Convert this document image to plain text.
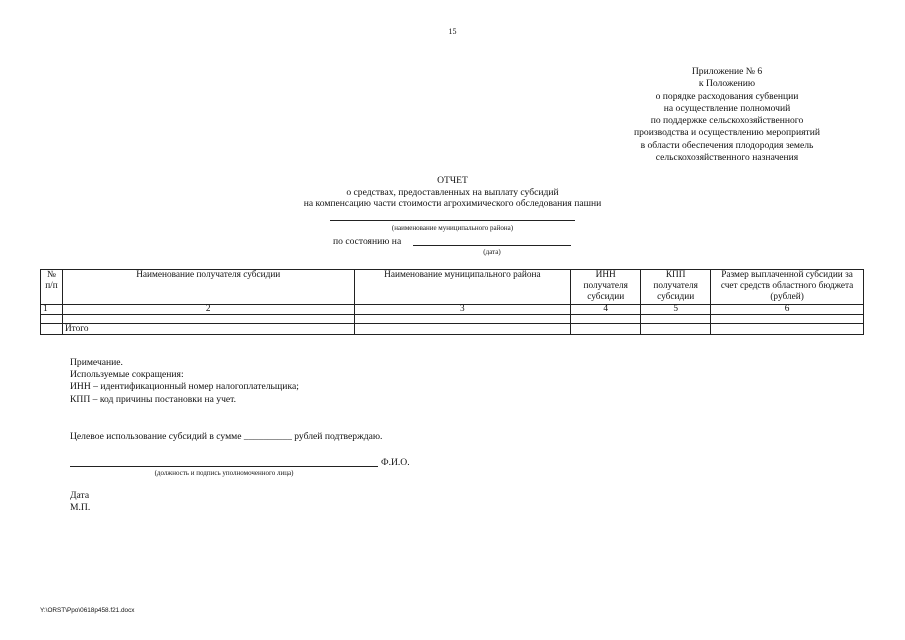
15
Приложение № 6
к Положению
о порядке расходования субвенции
на осуществление полномочий
по поддержке сельскохозяйственного
производства и осуществлению мероприятий
в области обеспечения плодородия земель
сельскохозяйственного назначения
ОТЧЕТ
о средствах, предоставленных на выплату субсидий
на компенсацию части стоимости агрохимического обследования пашни
(наименование муниципального района)
по состоянию на
(дата)
№ п/п	Наименование получателя субсидии	Наименование муниципального района	ИНН получателя субсидии	КПП получателя субсидии	Размер выплаченной субсидии за счет средств областного бюджета (рублей)
1	2	3	4	5	6

	Итого				
Примечание.
Используемые сокращения:
ИНН – идентификационный номер налогоплательщика;
КПП – код причины постановки на учет.
Целевое использование субсидий в сумме __________ рублей подтверждаю.
Ф.И.О.
(должность и подпись уполномоченного лица)
Дата
М.П.
Y:\ORST\Ppo\0618p458.f21.docx
